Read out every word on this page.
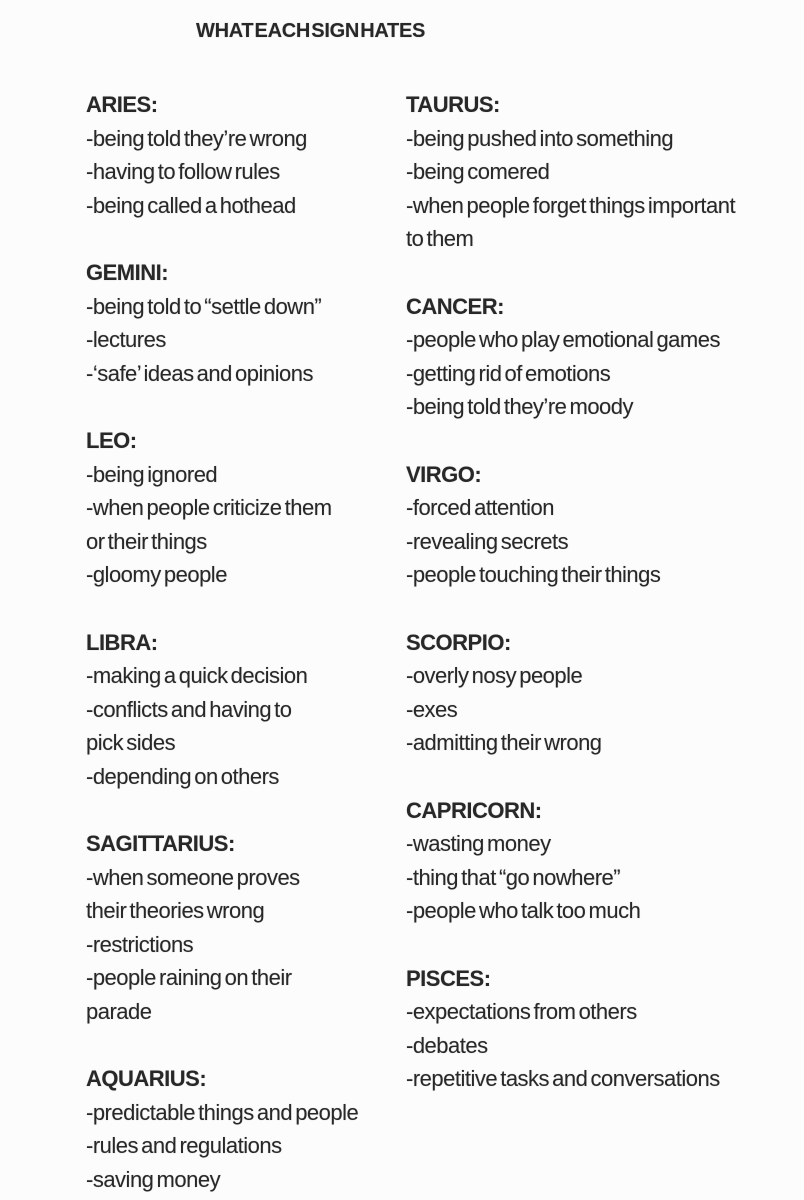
WHAT EACH SIGN HATES
ARIES:
-being told they’re wrong
-having to follow rules
-being called a hothead
GEMINI:
-being told to “settle down”
-lectures
-‘safe’ ideas and opinions
LEO:
-being ignored
-when people criticize them
or their things
-gloomy people
LIBRA:
-making a quick decision
-conflicts and having to
pick sides
-depending on others
SAGITTARIUS:
-when someone proves
their theories wrong
-restrictions
-people raining on their
parade
AQUARIUS:
-predictable things and people
-rules and regulations
-saving money
TAURUS:
-being pushed into something
-being comered
-when people forget things important
to them
CANCER:
-people who play emotional games
-getting rid of emotions
-being told they’re moody
VIRGO:
-forced attention
-revealing secrets
-people touching their things
SCORPIO:
-overly nosy people
-exes
-admitting their wrong
CAPRICORN:
-wasting money
-thing that “go nowhere”
-people who talk too much
PISCES:
-expectations from others
-debates
-repetitive tasks and conversations
